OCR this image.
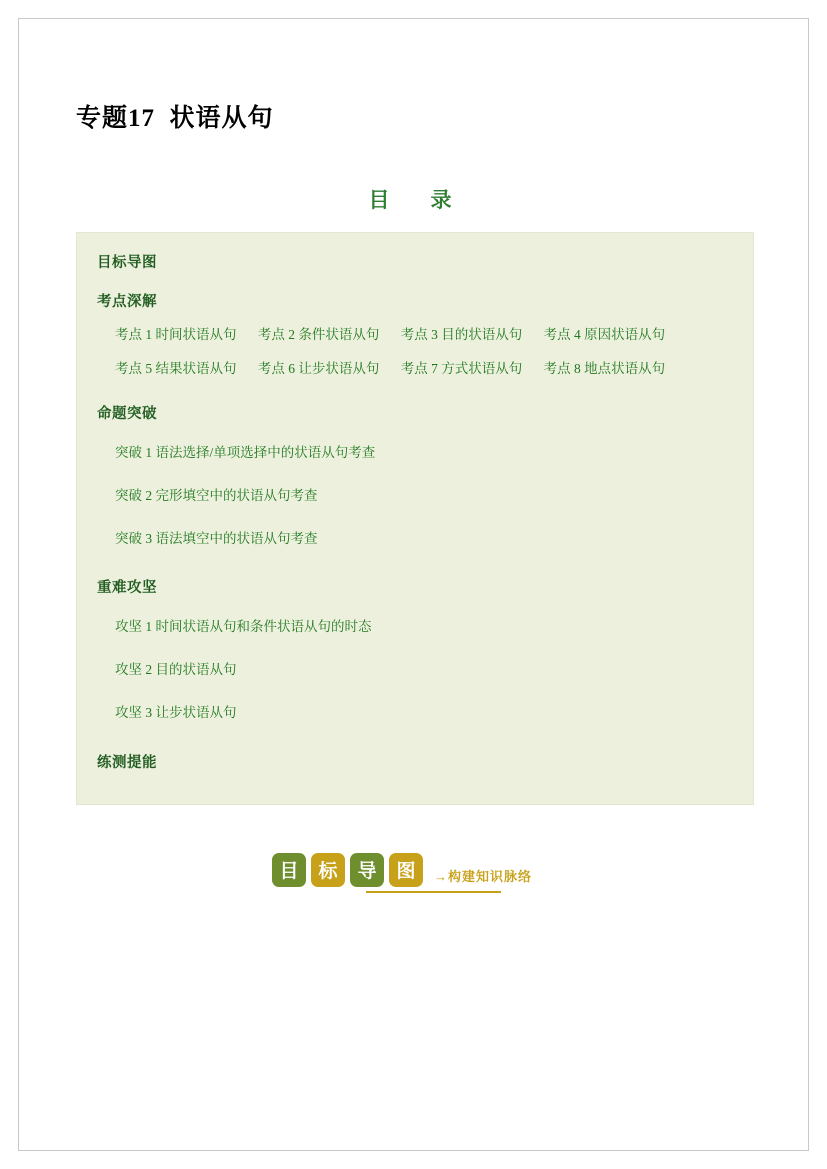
专题17 状语从句
目　录
目标导图
考点深解
考点 1 时间状语从句 考点 2 条件状语从句 考点 3 目的状语从句 考点 4 原因状语从句
考点 5 结果状语从句 考点 6 让步状语从句 考点 7 方式状语从句 考点 8 地点状语从句
命题突破
突破 1 语法选择/单项选择中的状语从句考查
突破 2 完形填空中的状语从句考查
突破 3 语法填空中的状语从句考查
重难攻坚
攻坚 1 时间状语从句和条件状语从句的时态
攻坚 2 目的状语从句
攻坚 3 让步状语从句
练测提能
目	标	导	图	→构建知识脉络
